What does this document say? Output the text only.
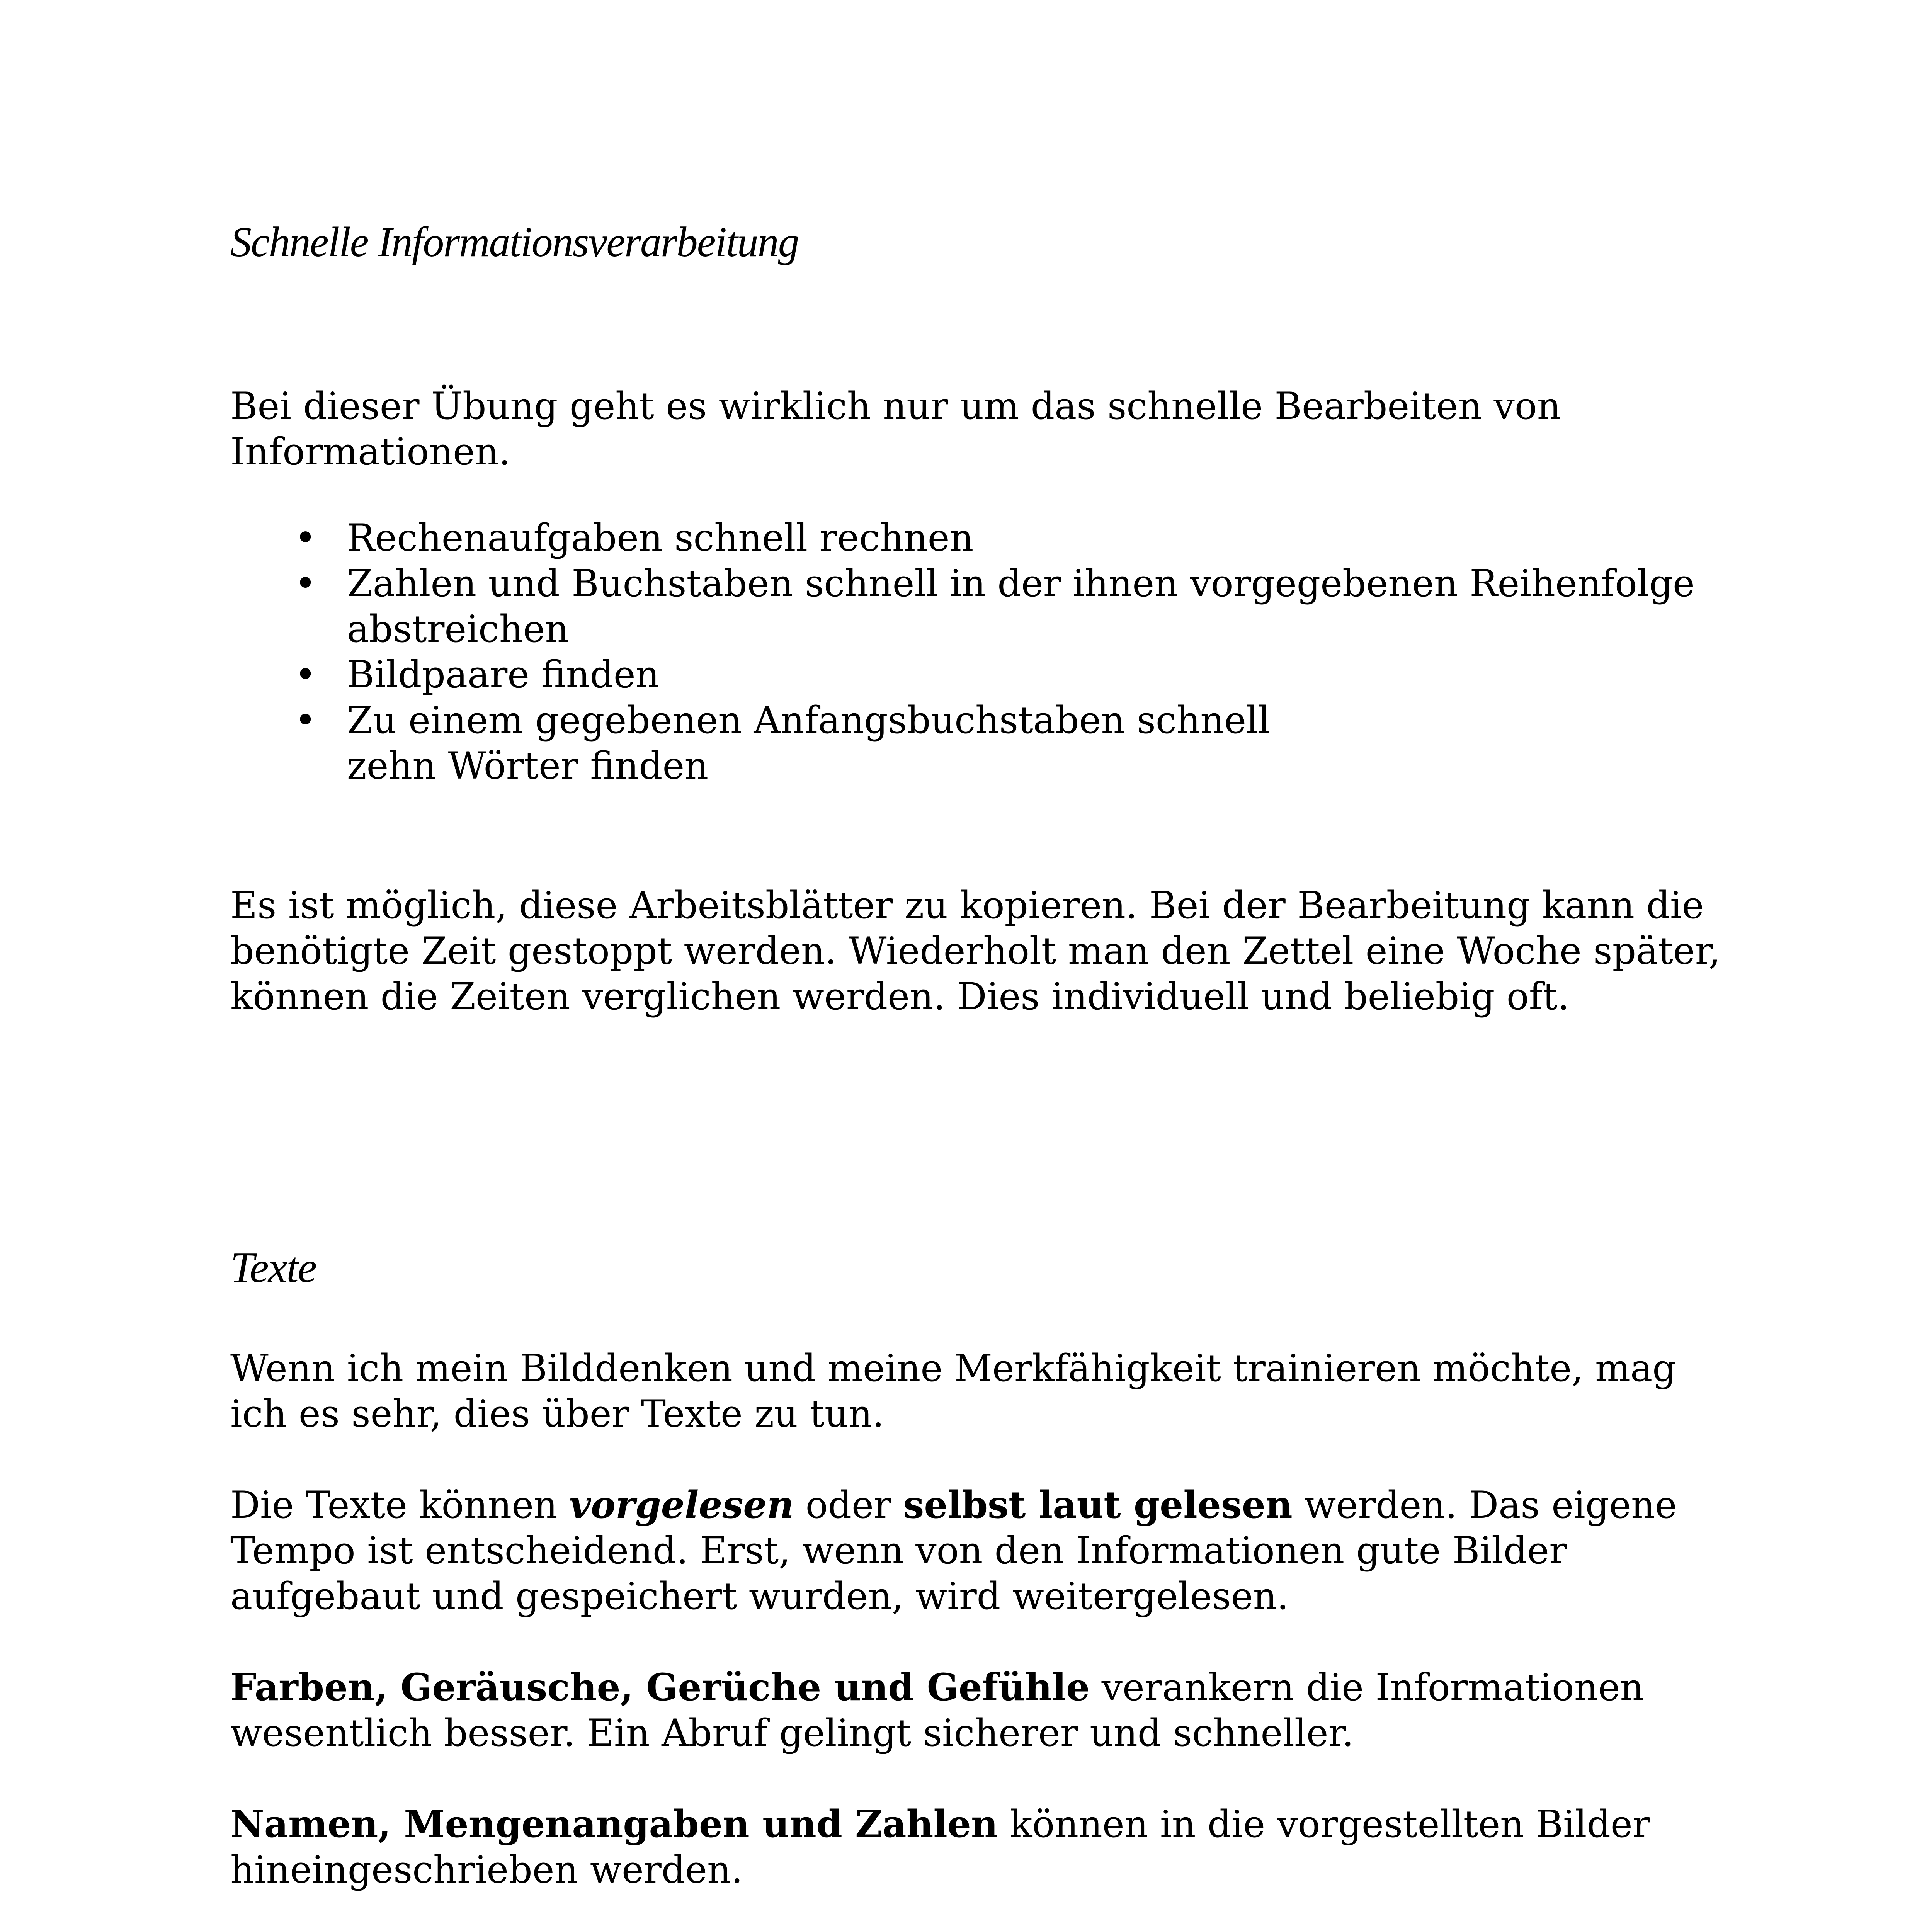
Schnelle Informationsverarbeitung

Bei dieser Übung geht es wirklich nur um das schnelle Bearbeiten von Informationen.

• Rechenaufgaben schnell rechnen
• Zahlen und Buchstaben schnell in der ihnen vorgegebenen Reihenfolge abstreichen
• Bildpaare finden
• Zu einem gegebenen Anfangsbuchstaben schnell zehn Wörter finden

Es ist möglich, diese Arbeitsblätter zu kopieren. Bei der Bearbeitung kann die benötigte Zeit gestoppt werden. Wiederholt man den Zettel eine Woche später, können die Zeiten verglichen werden. Dies individuell und beliebig oft.

Texte

Wenn ich mein Bilddenken und meine Merkfähigkeit trainieren möchte, mag ich es sehr, dies über Texte zu tun.

Die Texte können vorgelesen oder selbst laut gelesen werden. Das eigene Tempo ist entscheidend. Erst, wenn von den Informationen gute Bilder aufgebaut und gespeichert wurden, wird weitergelesen.

Farben, Geräusche, Gerüche und Gefühle verankern die Informationen wesentlich besser. Ein Abruf gelingt sicherer und schneller.

Namen, Mengenangaben und Zahlen können in die vorgestellten Bilder hineingeschrieben werden.
